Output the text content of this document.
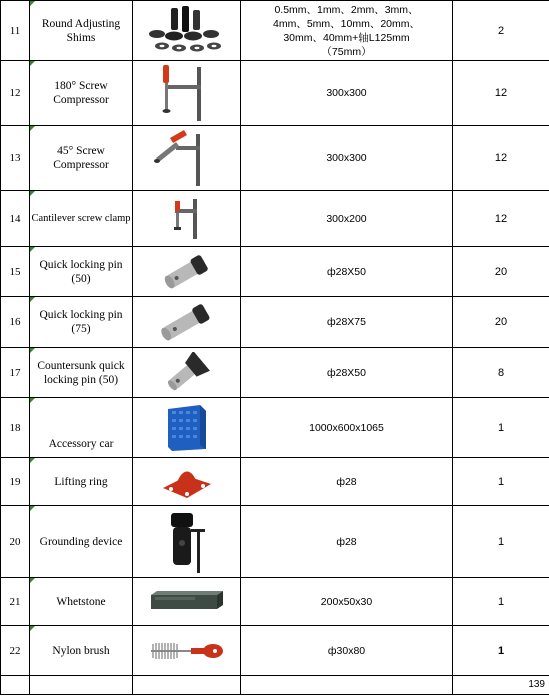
11	Round Adjusting Shims		0.5mm、1mm、2mm、3mm、4mm、5mm、10mm、20mm、30mm、40mm+轴L125mm（75mm）	2
12	180° Screw Compressor		300x300	12
13	45° Screw Compressor		300x300	12
14	Cantilever screw clamp		300x200	12
15	Quick locking pin (50)		ф28X50	20
16	Quick locking pin (75)		ф28X75	20
17	Countersunk quick locking pin (50)		ф28X50	8
18	Accessory car		1000x600x1065	1
19	Lifting ring		ф28	1
20	Grounding device		ф28	1
21	Whetstone		200x50x30	1
22	Nylon brush		ф30x80	1

				139
